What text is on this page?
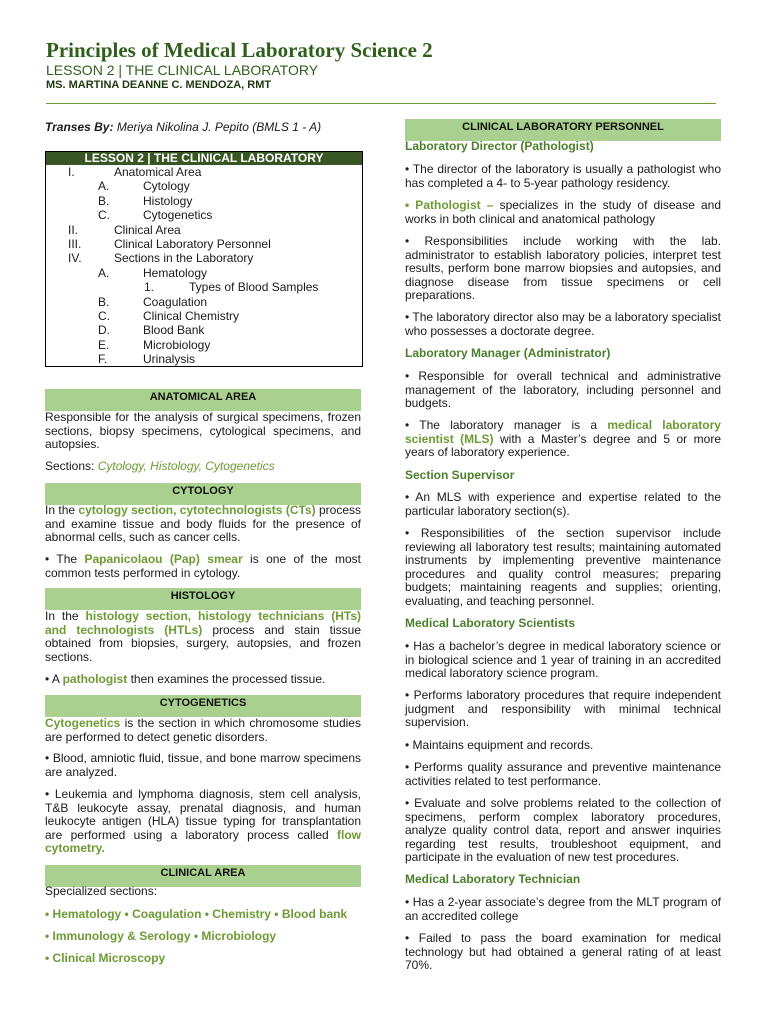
Principles of Medical Laboratory Science 2
LESSON 2 | THE CLINICAL LABORATORY
MS. MARTINA DEANNE C. MENDOZA, RMT
Transes By: Meriya Nikolina J. Pepito (BMLS 1 - A)
LESSON 2 | THE CLINICAL LABORATORY
I.	Anatomical Area
A.	Cytology
B.	Histology
C.	Cytogenetics
II.	Clinical Area
III.	Clinical Laboratory Personnel
IV.	Sections in the Laboratory
A.	Hematology
1.	Types of Blood Samples
B.	Coagulation
C.	Clinical Chemistry
D.	Blood Bank
E.	Microbiology
F.	Urinalysis
ANATOMICAL AREA

Responsible for the analysis of surgical specimens, frozen sections, biopsy specimens, cytological specimens, and autopsies.

Sections: Cytology, Histology, Cytogenetics

CYTOLOGY

In the cytology section, cytotechnologists (CTs) process and examine tissue and body fluids for the presence of abnormal cells, such as cancer cells.

• The Papanicolaou (Pap) smear is one of the most common tests performed in cytology.

HISTOLOGY

In the histology section, histology technicians (HTs) and technologists (HTLs) process and stain tissue obtained from biopsies, surgery, autopsies, and frozen sections.

• A pathologist then examines the processed tissue.

CYTOGENETICS

Cytogenetics is the section in which chromosome studies are performed to detect genetic disorders.

• Blood, amniotic fluid, tissue, and bone marrow specimens are analyzed.

• Leukemia and lymphoma diagnosis, stem cell analysis, T&B leukocyte assay, prenatal diagnosis, and human leukocyte antigen (HLA) tissue typing for transplantation are performed using a laboratory process called flow cytometry.

CLINICAL AREA

Specialized sections:

• Hematology • Coagulation • Chemistry • Blood bank

• Immunology & Serology • Microbiology

• Clinical Microscopy

CLINICAL LABORATORY PERSONNEL

Laboratory Director (Pathologist)

• The director of the laboratory is usually a pathologist who has completed a 4- to 5-year pathology residency.

• Pathologist – specializes in the study of disease and works in both clinical and anatomical pathology

• Responsibilities include working with the lab. administrator to establish laboratory policies, interpret test results, perform bone marrow biopsies and autopsies, and diagnose disease from tissue specimens or cell preparations.

• The laboratory director also may be a laboratory specialist who possesses a doctorate degree.

Laboratory Manager (Administrator)

• Responsible for overall technical and administrative management of the laboratory, including personnel and budgets.

• The laboratory manager is a medical laboratory scientist (MLS) with a Master’s degree and 5 or more years of laboratory experience.

Section Supervisor

• An MLS with experience and expertise related to the particular laboratory section(s).

• Responsibilities of the section supervisor include reviewing all laboratory test results; maintaining automated instruments by implementing preventive maintenance procedures and quality control measures; preparing budgets; maintaining reagents and supplies; orienting, evaluating, and teaching personnel.

Medical Laboratory Scientists

• Has a bachelor’s degree in medical laboratory science or in biological science and 1 year of training in an accredited medical laboratory science program.

• Performs laboratory procedures that require independent judgment and responsibility with minimal technical supervision.

• Maintains equipment and records.

• Performs quality assurance and preventive maintenance activities related to test performance.

• Evaluate and solve problems related to the collection of specimens, perform complex laboratory procedures, analyze quality control data, report and answer inquiries regarding test results, troubleshoot equipment, and participate in the evaluation of new test procedures.

Medical Laboratory Technician

• Has a 2-year associate’s degree from the MLT program of an accredited college

• Failed to pass the board examination for medical technology but had obtained a general rating of at least 70%.
